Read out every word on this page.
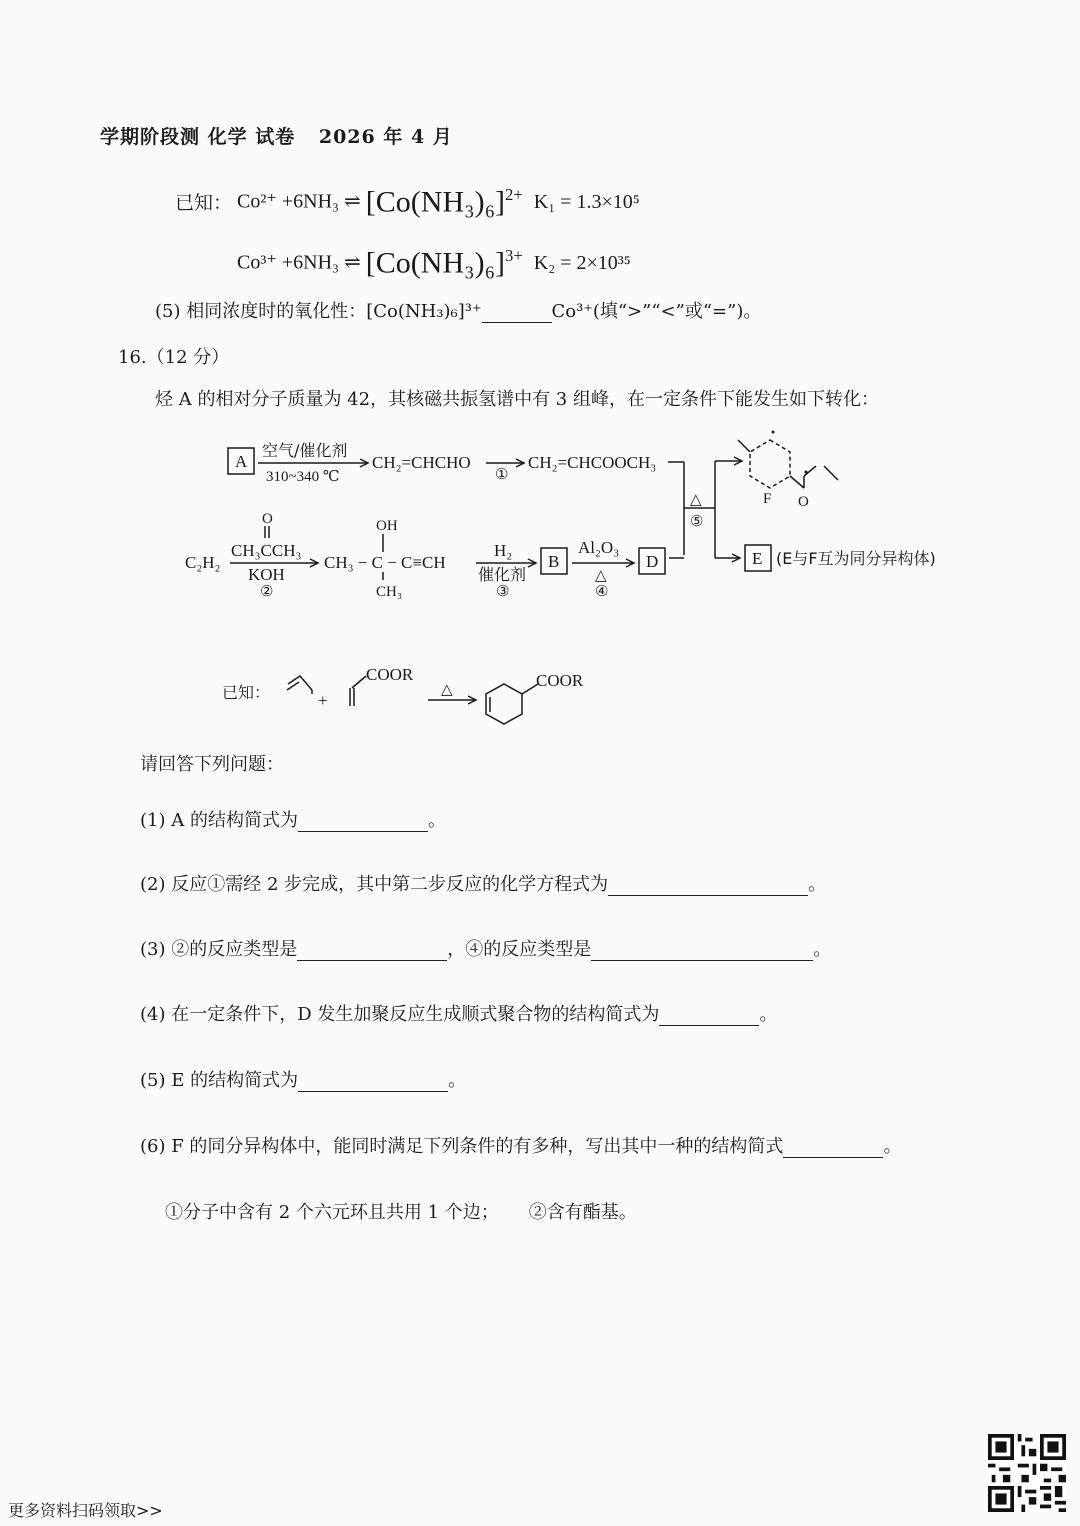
学期阶段测 化学 试卷 2026 年 4 月
已知： Co²⁺ +6NH₃ ⇌ $[Co(NH_3)_6]^{2+}$ K₁ = 1.3×10⁵
Co³⁺ +6NH₃ ⇌ $[Co(NH_3)_6]^{3+}$ K₂ = 2×10³⁵
(5) 相同浓度时的氧化性：[Co(NH₃)₆]³⁺	Co³⁺(填“>”“<”或“=”)。
16.（12 分）
烃 A 的相对分子质量为 42，其核磁共振氢谱中有 3 组峰，在一定条件下能发生如下转化：
A
空气/催化剂
310~340 ℃
CH₂=CHCHO
①
CH₂=CHCOOCH₃
C₂H₂
O
CH₃CCH₃
KOH
②
OH
CH₃ − C − C≡CH
CH₃
H₂
催化剂
③
B
Al₂O₃
△
④
D
△
⑤
F O
E (E与F互为同分异构体)
已知：	+
COOR
△	COOR
请回答下列问题：
(1) A 的结构简式为	。
(2) 反应①需经 2 步完成，其中第二步反应的化学方程式为	。
(3) ②的反应类型是	，④的反应类型是	。
(4) 在一定条件下，D 发生加聚反应生成顺式聚合物的结构简式为	。
(5) E 的结构简式为	。
(6) F 的同分异构体中，能同时满足下列条件的有多种，写出其中一种的结构简式	。
①分子中含有 2 个六元环且共用 1 个边； ②含有酯基。
更多资料扫码领取>>
